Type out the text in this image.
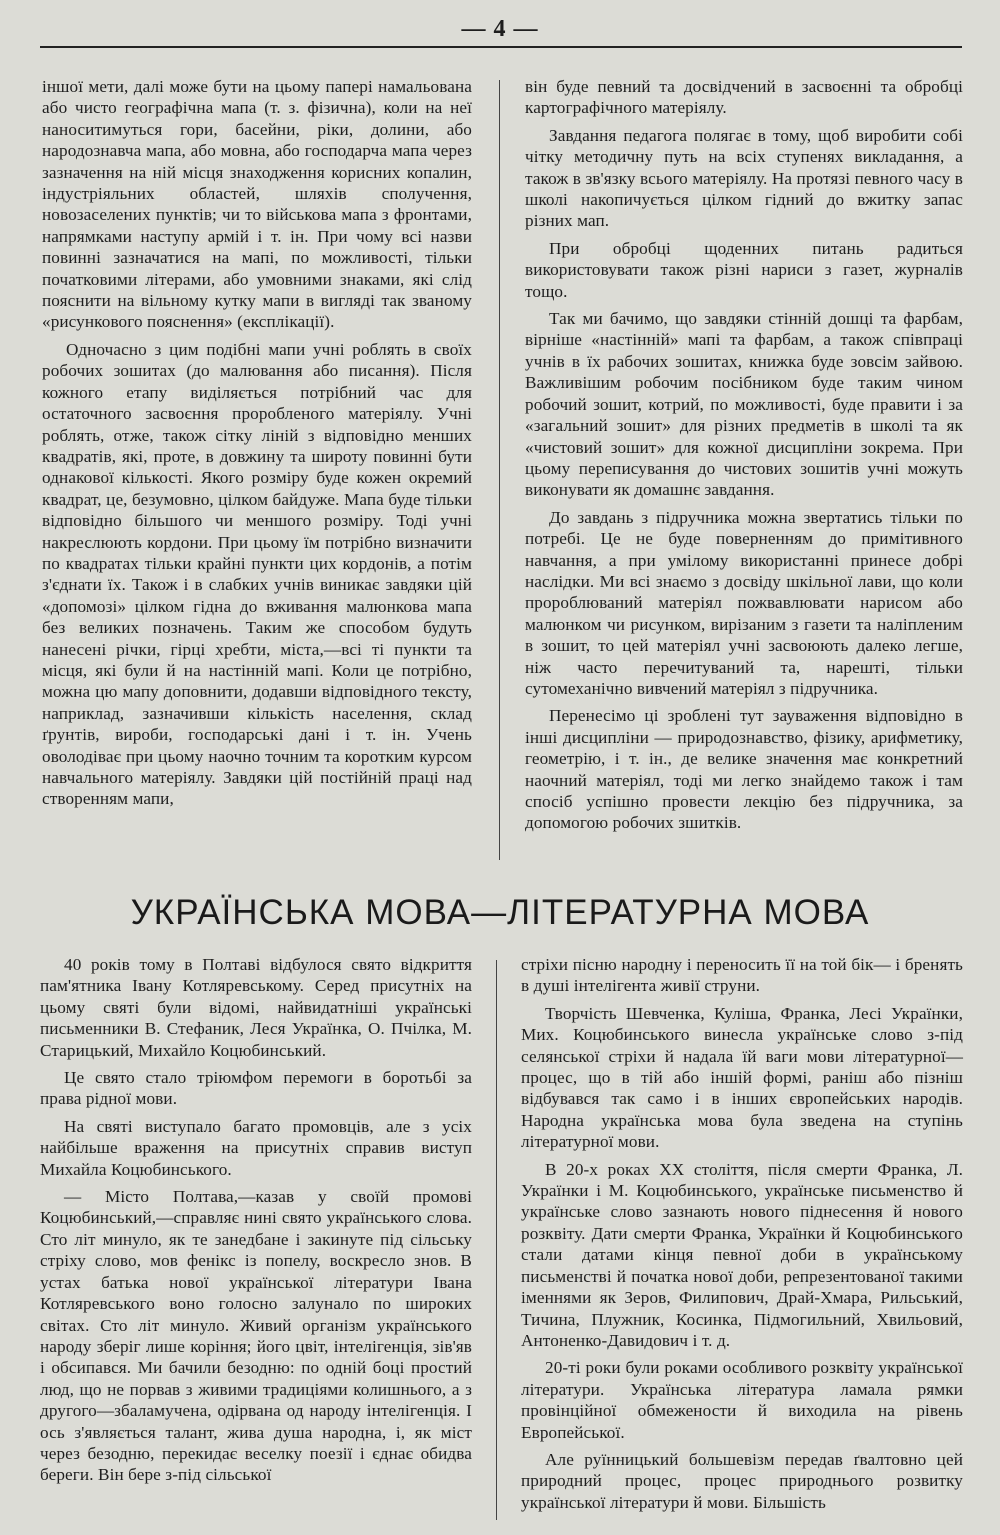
— 4 —

іншої мети, далі може бути на цьому папері намальована або чисто географічна мапа (т. з. фізична), коли на неї наноситимуться гори, басейни, ріки, долини, або народознавча мапа, або мовна, або господарча мапа через зазначення на ній місця знаходження корисних копалин, індустріяльних областей, шляхів сполучення, новозаселених пунктів; чи то військова мапа з фронтами, напрямками наступу армій і т. ін. При чому всі назви повинні зазначатися на мапі, по можливості, тільки початковими літерами, або умовними знаками, які слід пояснити на вільному кутку мапи в вигляді так званому «рисункового пояснення» (експлікації).

Одночасно з цим подібні мапи учні роблять в своїх робочих зошитах (до малювання або писання). Після кожного етапу виділяється потрібний час для остаточного засвоєння проробленого матеріялу. Учні роблять, отже, також сітку ліній з відповідно менших квадратів, які, проте, в довжину та широту повинні бути однакової кількості. Якого розміру буде кожен окремий квадрат, це, безумовно, цілком байдуже. Мапа буде тільки відповідно більшого чи меншого розміру. Тоді учні накреслюють кордони. При цьому їм потрібно визначити по квадратах тільки крайні пункти цих кордонів, а потім з'єднати їх. Також і в слабких учнів виникає завдяки цій «допомозі» цілком гідна до вживання малюнкова мапа без великих позначень. Таким же способом будуть нанесені річки, гірці хребти, міста,—всі ті пункти та місця, які були й на настінній мапі. Коли це потрібно, можна цю мапу доповнити, додавши відповідного тексту, наприклад, зазначивши кількість населення, склад ґрунтів, вироби, господарські дані і т. ін. Учень оволодіває при цьому наочно точним та коротким курсом навчального матеріялу. Завдяки цій постійній праці над створенням мапи,

він буде певний та досвідчений в засвоєнні та обробці картографічного матеріялу.

Завдання педагога полягає в тому, щоб виробити собі чітку методичну путь на всіх ступенях викладання, а також в зв'язку всього матеріялу. На протязі певного часу в школі накопичується цілком гідний до вжитку запас різних мап.

При обробці щоденних питань радиться використовувати також різні нариси з газет, журналів тощо.

Так ми бачимо, що завдяки стінній дошці та фарбам, вірніше «настінній» мапі та фарбам, а також співпраці учнів в їх рабочих зошитах, книжка буде зовсім зайвою. Важливішим робочим посібником буде таким чином робочий зошит, котрий, по можливості, буде правити і за «загальний зошит» для різних предметів в школі та як «чистовий зошит» для кожної дисципліни зокрема. При цьому переписування до чистових зошитів учні можуть виконувати як домашнє завдання.

До завдань з підручника можна звертатись тільки по потребі. Це не буде поверненням до примітивного навчання, а при умілому використанні принесе добрі наслідки. Ми всі знаємо з досвіду шкільної лави, що коли пророблюваний матеріял пожвавлювати нарисом або малюнком чи рисунком, вирізаним з газети та наліпленим в зошит, то цей матеріял учні засвоюють далеко легше, ніж часто перечитуваний та, нарешті, тільки сутомеханічно вивчений матеріял з підручника.

Перенесімо ці зроблені тут зауваження відповідно в інші дисципліни — природознавство, фізику, арифметику, геометрію, і т. ін., де велике значення має конкретний наочний матеріял, тоді ми легко знайдемо також і там спосіб успішно провести лекцію без підручника, за допомогою робочих зшитків.

УКРАЇНСЬКА МОВА—ЛІТЕРАТУРНА МОВА

40 років тому в Полтаві відбулося свято відкриття пам'ятника Івану Котляревському. Серед присутніх на цьому святі були відомі, найвидатніші українські письменники В. Стефаник, Леся Українка, О. Пчілка, М. Старицький, Михайло Коцюбинський.

Це свято стало тріюмфом перемоги в боротьбі за права рідної мови.

На святі виступало багато промовців, але з усіх найбільше враження на присутніх справив виступ Михайла Коцюбинського.

— Місто Полтава,—казав у своїй промові Коцюбинський,—справляє нині свято українського слова. Сто літ минуло, як те занедбане і закинуте під сільську стріху слово, мов фенікс із попелу, воскресло знов. В устах батька нової української літератури Івана Котляревського воно голосно залунало по широких світах. Сто літ минуло. Живий організм українського народу зберіг лише коріння; його цвіт, інтелігенція, зів'яв і обсипався. Ми бачили безодню: по одній боці простий люд, що не порвав з живими традиціями колишнього, а з другого—збаламучена, одірвана од народу інтелігенція. І ось з'являється талант, жива душа народна, і, як міст через безодню, перекидає веселку поезії і єднає обидва береги. Він бере з-під сільської

стріхи пісню народну і переносить її на той бік— і бренять в душі інтелігента живії струни.

Творчість Шевченка, Куліша, Франка, Лесі Українки, Мих. Коцюбинського винесла українське слово з-під селянської стріхи й надала їй ваги мови літературної—процес, що в тій або іншій формі, раніш або пізніш відбувався так само і в інших європейських народів. Народна українська мова була зведена на ступінь літературної мови.

В 20-х роках XX століття, після смерти Франка, Л. Українки і М. Коцюбинського, українське письменство й українське слово зазнають нового піднесення й нового розквіту. Дати смерти Франка, Українки й Коцюбинського стали датами кінця певної доби в українському письменстві й початка нової доби, репрезентованої такими іменнями як Зеров, Филипович, Драй-Хмара, Рильський, Тичина, Плужник, Косинка, Підмогильний, Хвильовий, Антоненко-Давидович і т. д.

20-ті роки були роками особливого розквіту української літератури. Українська література ламала рямки провінційної обмежености й виходила на рівень Европейської.

Але руїнницький большевізм передав ґвалтовно цей природний процес, процес природнього розвитку української літератури й мови. Більшість
